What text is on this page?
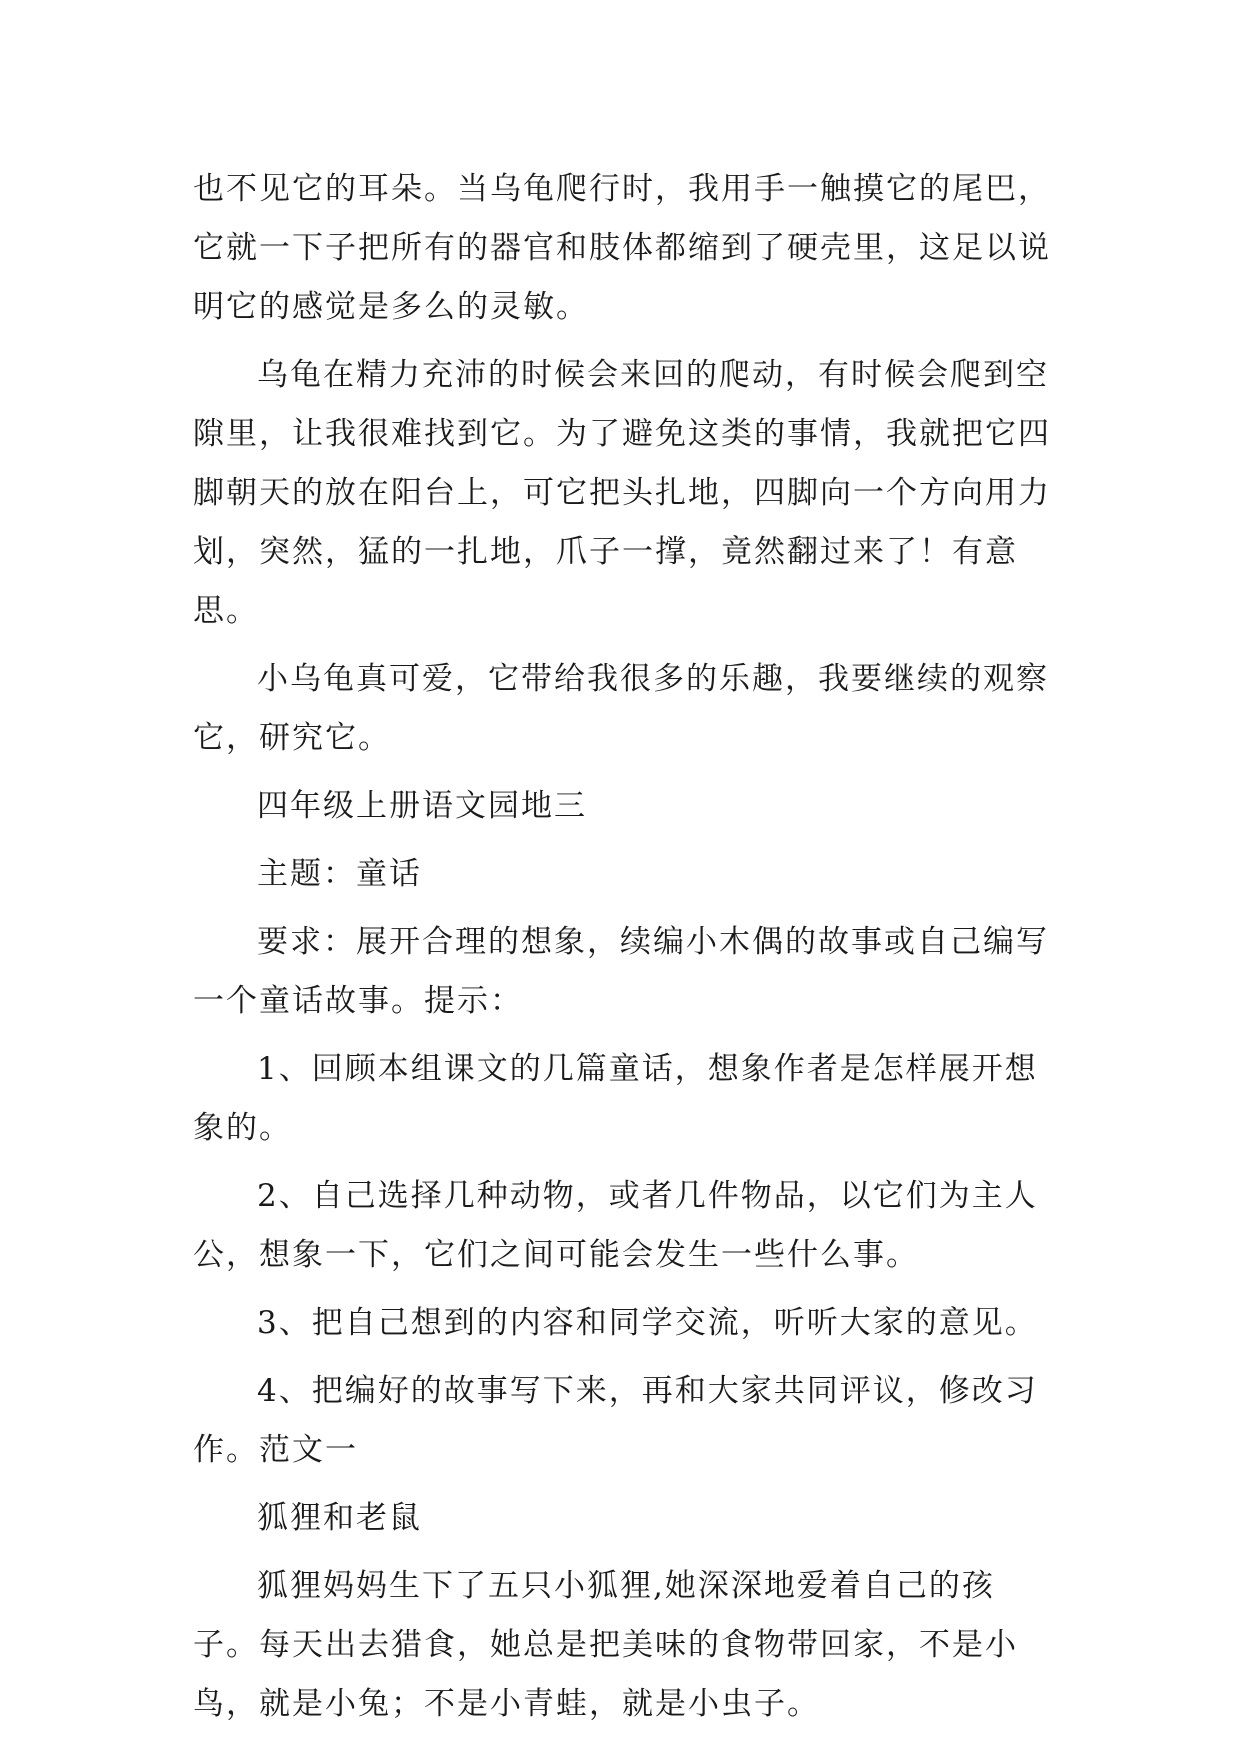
也不见它的耳朵。当乌龟爬行时，我用手一触摸它的尾巴，它就一下子把所有的器官和肢体都缩到了硬壳里，这足以说明它的感觉是多么的灵敏。

乌龟在精力充沛的时候会来回的爬动，有时候会爬到空隙里，让我很难找到它。为了避免这类的事情，我就把它四脚朝天的放在阳台上，可它把头扎地，四脚向一个方向用力划，突然，猛的一扎地，爪子一撑，竟然翻过来了！有意思。

小乌龟真可爱，它带给我很多的乐趣，我要继续的观察它，研究它。

四年级上册语文园地三

主题：童话

要求：展开合理的想象，续编小木偶的故事或自己编写一个童话故事。提示：

1、回顾本组课文的几篇童话，想象作者是怎样展开想象的。

2、自己选择几种动物，或者几件物品，以它们为主人公，想象一下，它们之间可能会发生一些什么事。

3、把自己想到的内容和同学交流，听听大家的意见。

4、把编好的故事写下来，再和大家共同评议，修改习作。范文一

狐狸和老鼠

狐狸妈妈生下了五只小狐狸,她深深地爱着自己的孩子。每天出去猎食，她总是把美味的食物带回家，不是小鸟，就是小兔；不是小青蛙，就是小虫子。
